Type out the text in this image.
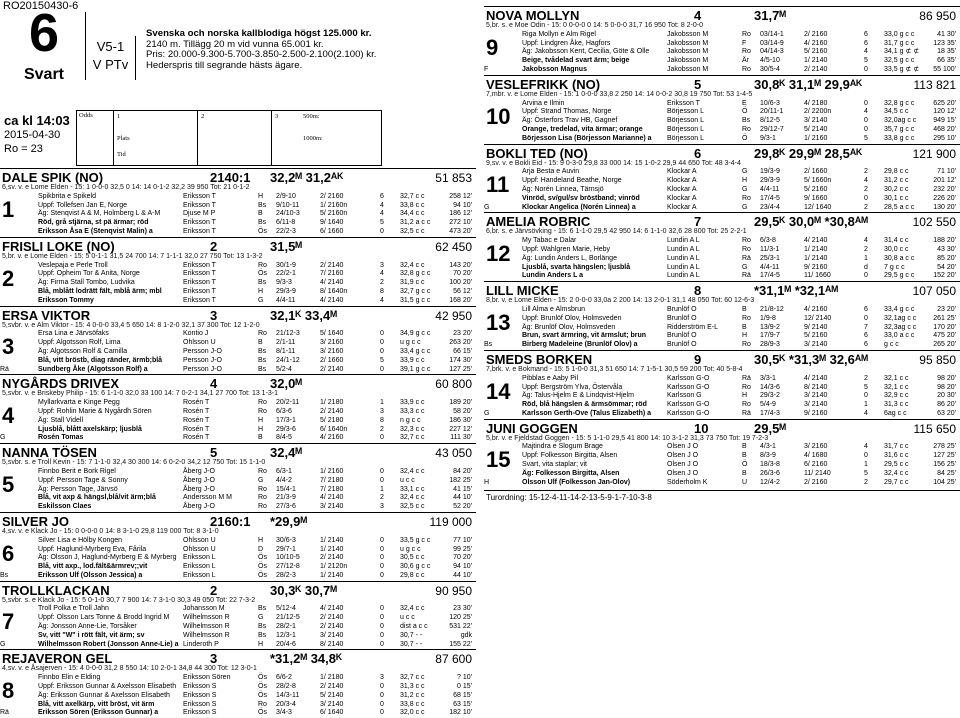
RO20150430-6
6
Svart
V5-1
V PTv
Svenska och norska kallblodiga högst 125.000 kr.
2140 m. Tillägg 20 m vid vunna 65.001 kr.
Pris: 20.000-9.300-5.700-3.850-2.500-2.100(2.100) kr.
Hederspris till segrande hästs ägare.
ca kl 14:03
2015-04-30
Ro = 23
Odds	1
Plats
Tid
2	3	500m:
1000m:
DALE SPIK (NO)	2140:1	32,2ᴹ 31,2ᴬᴷ	51 853
6,sv. v. e Lome Elden - 15: 1 0-0-0 32,5 0 14: 14 0-1-2 32,2 39 950 Tot: 21 0-1-2
1
Spikbrita e Spikeld	Eriksson T	H	2/9-10	2/ 2160	6	32,7 c c	258 12'
Uppf: Tollefsen Jan E, Norge	Eriksson T	Bs	9/10-11	1/ 2160n	4	33,8 c c	94 10'
Äg: Stenqvist A & M, Holmberg L & A-M	Djuse M P	B	24/10-3	5/ 2160n	4	34,4 c c	186 12'
Röd, grå stjärna, st pä ärmar; röd	Eriksson T	Bs	6/11-8	9/ 1640	5	31,2 a c c	272 10'
Eriksson Åsa E (Stenqvist Malin) a	Eriksson T	Ös	22/2-3	6/ 1660	0	32,5 c c	473 20'
FRISLI LOKE (NO)	2	31,5ᴹ	62 450
5,br. v. e Lome Elden - 15: 5 0-1-1 31,5 24 700 14: 7 1-1-1 32,0 27 750 Tot: 13 1-3-2
2
Veslepaja e Perle Troll	Eriksson T	Ro	30/1-9	2/ 2140	3	32,4 c c	143 20'
Uppf: Opheim Tor & Anita, Norge	Eriksson T	Ös	22/2-1	7/ 2160	4	32,8 g c c	70 20'
Äg: Firma Stall Tombo, Ludvika	Eriksson T	Bs	9/3-3	4/ 2140	2	31,9 c c	100 20'
Blå, mblått lodrätt fält, mblå ärm; mbl	Eriksson T	H	29/3-9	8/ 1640n	8	32,7 g c c	56 12'
Eriksson Tommy	Eriksson T	G	4/4-11	4/ 2140	4	31,5 g c c	168 20'
ERSA VIKTOR	3	32,1ᴷ 33,4ᴹ	42 950
5,svbr. v. e Alm Viktor - 15: 4 0-0-0 33,4 5 650 14: 8 1-2-0 32,1 37 300 Tot: 12 1-2-0
3
Ersa Lina e Järvsöfaks	Kontio J	Ro	21/12-3	5/ 1640	0	34,9 g c c	23 20'
Uppf: Algotsson Rolf, Lima	Ohlsson U	B	2/1-11	3/ 2160	0	u g c c	263 20'
Äg: Algotsson Rolf & Camilla	Persson J-O	Bs	8/1-11	3/ 2160	0	33,4 g c c	66 15'
Blå, vitt bröstb, diag ränder, ärmb;blå	Persson J-O	Bs	24/1-12	2/ 1660	5	33,9 c c	174 30'
Rä	Sundberg Åke (Algotsson Rolf) a	Persson J-O	Bs	5/2-4	2/ 2140	0	39,1 g c c	127 25'
NYGÅRDS DRIVEX	4	32,0ᴹ	60 800
5,svbr. v. e Briskeby Philip - 15: 6 1-1-0 32,0 33 100 14: 7 0-2-1 34,1 27 700 Tot: 13 1-3-1
4
Myllarkvarta e Kinge Pegg	Rosén T	Ro	20/2-11	1/ 2180	1	33,9 c c	189 20'
Uppf: Rohlin Marie & Nygårdh Sören	Rosén T	Ro	6/3-6	2/ 2140	3	33,3 c c	58 20'
Äg: Stall Videll	Rosén T	H	17/3-1	5/ 2180	8	n g c c	186 30'
Ljusblå, blått axelskärp; ljusblå	Rosén T	H	29/3-6	6/ 1640n	2	32,3 c c	227 12'
G	Rosén Tomas	Rosén T	B	8/4-5	4/ 2160	0	32,7 c c	111 30'
NANNA TÖSEN	5	32,4ᴹ	43 050
5,svbr. s. e Troll Kevin - 15: 7 1-1-0 32,4 30 300 14: 6 0-2-0 34,2 12 750 Tot: 15 1-1-0
5
Finnbo Berit e Bork Rigel	Åberg J-O	Ro	6/3-1	1/ 2160	0	32,4 c c	84 20'
Uppf: Persson Tage & Sonny	Åberg J-O	G	4/4-2	7/ 2180	0	u c c	182 25'
Äg: Persson Tage, Järvsö	Åberg J-O	Ro	15/4-1	7/ 2180	1	33,1 c c	41 15'
Blå, vit axp & hängsl,blå/vit ärm;blå	Andersson M M	Ro	21/3-9	4/ 2140	2	32,4 c c	44 10'
Eskilsson Claes	Åberg J-O	Ro	27/3-6	3/ 2140	3	32,5 c c	52 20'
SILVER JO	2160:1	*29,9ᴹ	119 000
4,sv. v. e Klack Jo - 15: 0 0-0-0 0 14: 8 3-1-0 29,8 119 000 Tot: 8 3-1-0
6
Silver Lisa e Hölby Kongen	Ohlsson U	H	30/6-3	1/ 2140	0	33,5 g c c	77 10'
Uppf: Haglund-Myrberg Eva, Fårila	Ohlsson U	D	29/7-1	1/ 2140	0	u g c c	99 25'
Äg: Olsson J, Haglund-Myrberg E & Myrberg Eriksson L	Ös	10/10-5	2/ 2140	0	30,5 c c	70 20'
Blå, vitt axp., lod.fält&ärmrev;;vit	Eriksson L	Ös	27/12-8	1/ 2120n	0	30,6 g c c	94 10'
Bs	Eriksson Ulf (Olsson Jessica) a	Eriksson L	Ös	28/2-3	1/ 2140	0	29,8 c c	44 10'
TROLLKLACKAN	2	30,3ᴷ 30,7ᴹ	90 950
5,svbr. s. e Klack Jo - 15: 5 0-1-0 30,7 7 900 14: 7 3-1-0 30,3 49 050 Tot: 22 7-3-2
7
Troll Polka e Troll Jahn	Johansson M	Bs	5/12-4	4/ 2140	0	32,4 c c	23 30'
Uppf: Olsson Lars Tonne & Brodd Ingrid M	Wilhelmsson R	G	21/12-5	2/ 2140	0	u c c	120 25'
Äg: Jonsson Anne-Lie, Torsåker	Wilhelmsson R	Bs	28/2-1	2/ 2140	0	dist a c c	531 22'
Sv, vitt "W" i rött fält, vit ärm; sv	Wilhelmsson R	Bs	12/3-1	3/ 2140	0	30,7 - -	gdk
G	Wilhelmsson Robert (Jonsson Anne-Lie) a Linderoth P	H	20/4-6	8/ 2140	0	30,7 - -	155 22'
REJAVERON GEL	3	*31,2ᴹ 34,8ᴷ	87 600
4,sv. v. e Åsajerven - 15: 4 0-0-0 31,2 8 550 14: 10 2-0-1 34,8 44 300 Tot: 12 3-0-1
8
Finnbo Elin e Elding	Eriksson Sören	Ös	6/6-2	1/ 2180	3	32,7 c c	? 10'
Uppf: Eriksson Gunnar & Axelsson Elisabeth Eriksson S	Ös	28/2-8	2/ 2140	0	31,3 c c	0 15'
Äg: Eriksson Gunnar & Axelsson Elisabeth	Eriksson S	Ös	14/3-11	5/ 2140	0	31,2 c c	68 15'
Blå, vitt axelkärp, vitt bröst, vit ärm	Eriksson S	Ro	20/3-4	3/ 2140	0	33,8 c c	63 15'
Rä	Eriksson Sören (Eriksson Gunnar) a	Eriksson S	Ös	3/4-3	6/ 1640	0	32,0 c c	182 10'
NOVA MOLLYN	4	31,7ᴹ	86 950
5,br. s. e Moe Odin - 15: 0 0-0-0 0 14: 5 0-0-0 31,7 16 950 Tot: 8 2-0-0
9
Riga Mollyn e Alm Rigel	Jakobsson M	Ro	03/14-1	2/ 2160	6	33,0 g c c	41 30'
Uppf: Lindgren Åke, Hagfors	Jakobsson M	F	03/14-9	4/ 2160	6	31,7 g c c	123 35'
Äg: Jakobsson Kent, Cecilia, Göte & Olle	Jakobsson M	Ro	04/14-3	5/ 2160	4	34,1 g ⊄ ⊄	18 35'
Beige, tvådelad svart ärm; beige	Jakobsson M	Är	4/5-10	1/ 2140	5	32,5 g c c	66 35'
F	Jakobsson Magnus	Jakobsson M	Ro	30/5-4	2/ 2140	0	33,5 g ⊄ ⊄	55 100'
VESLEFRIKK (NO)	5	30,8ᴷ 31,1ᴹ 29,9ᴬᴷ	113 821
7,mbr. v. e Lome Elden - 15: 1 0-0-0 33,8 2 250 14: 14 0-0-2 30,8 19 750 Tot: 53 1-4-5
10
Arvina e Ilmin	Eriksson T	E	10/6-3	4/ 2180	0	32,8 g c c	625 20'
Uppf: Strand Thomas, Norge	Börjesson L	Ö	20/11-1	2/ 2200n	4	34,5 c c	120 12'
Äg: Österfors Trav HB, Gagnef	Börjesson L	Bs	8/12-5	3/ 2140	0	32,0ag c c	949 15'
Orange, tredelad, vita ärmar; orange	Börjesson L	Ro	29/12-7	5/ 2140	0	35,7 g c c	468 20'
Börjesson Lisa (Börjesson Marianne) a	Börjesson L	Ö	9/3-1	1/ 2160	5	33,8 g c c	295 10'
BOKLI TED (NO)	6	29,8ᴷ 29,9ᴹ 28,5ᴬᴷ	121 900
9,sv. v. e Bokli Eid - 15: 9 0-3-0 29,8 33 000 14: 15 1-0-2 29,9 44 650 Tot: 48 3-4-4
11
Arja Besta e Auvin	Klockar A	G	19/3-9	2/ 1660	2	29,8 c c	71 10'
Uppf: Handeland Beathe, Norge	Klockar A	H	29/3-9	5/ 1660n	4	31,2 c c	201 12'
Äg: Norén Linnea, Tärnsjö	Klockar A	G	4/4-11	5/ 2160	2	30,2 c c	232 20'
Vinröd, sv/gul/sv bröstband; vinröd	Klockar A	Ro	17/4-5	9/ 1660	0	30,1 c c	226 20'
G	Klockar Angelica (Norén Linnea) a	Klockar A	G	23/4-4	12/ 1640	2	28,5 a c c	130 20'
AMELIA ROBRIC	7	29,5ᴷ 30,0ᴹ *30,8ᴬᴹ	102 550
6,br. s. e Järvsövking - 15: 6 1-1-0 29,5 42 950 14: 6 1-1-0 32,6 28 800 Tot: 25 2-2-1
12
My Tabac e Dalar	Lundin A L	Ro	6/3-8	4/ 2140	4	31,4 c c	188 20'
Uppf: Wahlgren Marie, Heby	Lundin A L	Ro	11/3-1	1/ 2140	2	30,0 c c	43 30'
Äg: Lundin Anders L, Borlänge	Lundin A L	Rä	25/3-1	1/ 2140	1	30,8 a c c	85 20'
Ljusblå, svarta hängslen; ljusblå	Lundin A L	G	4/4-11	9/ 2160	d	7 g c c	54 20'
Lundin Anders L a	Lundin A L	Rä	17/4-5	11/ 1660	0	29,5 g c c	152 20'
LILL MICKE	8	*31,1ᴹ *32,1ᴬᴹ	107 050
8,br. v. e Lome Elden - 15: 2 0-0-0 33,0a 2 200 14: 13 2-0-1 31,1 48 050 Tot: 60 12-6-3
13
Lill Alma e Almsbrun	Brunlöf O	B	21/8-12	4/ 2160	6	33,4 g c c	23 20'
Uppf: Brunlöf Olov, Holmsveden	Brunlöf O	Ro	1/9-8	12/ 2140	0	32,1ag c c	261 25'
Äg: Brunlöf Olov, Holmsveden	Ridderström E-L	B	13/9-2	9/ 2140	7	32,3ag c c	170 20'
Brun, svart ärmring, vit ärmslut; brun	Brunlöf O	H	17/9-7	5/ 2160	6	33,0 a c c	475 20'
Bs	Birberg Madeleine (Brunlöf Olov) a	Brunlöf O	Ro	28/9-3	3/ 2140	6	g c c	265 20'
SMEDS BORKEN	9	30,5ᴷ *31,3ᴹ 32,6ᴬᴹ	95 850
7,brk. v. e Bokmand - 15: 5 1-0-0 31,3 51 650 14: 7 1-5-1 30,5 59 200 Tot: 40 5-8-4
14
Pibblas e Aaby Pil	Karlsson G-O	Rä	3/3-1	4/ 2140	2	32,1 c c	98 20'
Uppf: Bergström Ylva, Östervåla	Karlsson G-O	Ro	14/3-6	8/ 2140	5	32,1 c c	98 20'
Äg: Talus-Hjelm E & Lindqvist-Hjelm	Karlsson G	H	29/3-2	3/ 2140	0	32,9 c c	20 30'
Röd, blå hängslen & ärmsömmar; röd	Karlsson G-O	Ro	5/4-9	3/ 2140	1	31,3 c c	86 20'
G	Karlsson Gerth-Ove (Talus Elizabeth) a	Karlsson G-O	Rä	17/4-3	9/ 2160	4	6ag c c	63 20'
JUNI GOGGEN	10	29,5ᴹ	115 650
5,br. v. e Fjeldstad Goggen - 15: 5 1-1-0 29,5 41 800 14: 10 3-1-2 31,3 73 750 Tot: 19 7-2-3
15
Majtindra e Slogum Brage	Olsen J O	B	4/3-1	3/ 2160	4	31,7 c c	278 25'
Uppf: Folkesson Birgitta, Alsen	Olsen J O	B	8/3-9	4/ 1680	0	31,6 c c	127 25'
Svart, vita staplar; vit	Olsen J O	Ö	18/3-8	6/ 2160	1	29,5 c c	156 25'
Äg: Folkesson Birgitta, Alsen	Olsen J O	B	26/3-6	11/ 2140	5	32,4 c c	84 25'
H	Olsson Ulf (Folkesson Jan-Olov)	Söderholm K	U	12/4-2	2/ 2160	2	29,7 c c	104 25'
Turordning: 15-12-4-11-14-2-13-5-9-1-7-10-3-8
